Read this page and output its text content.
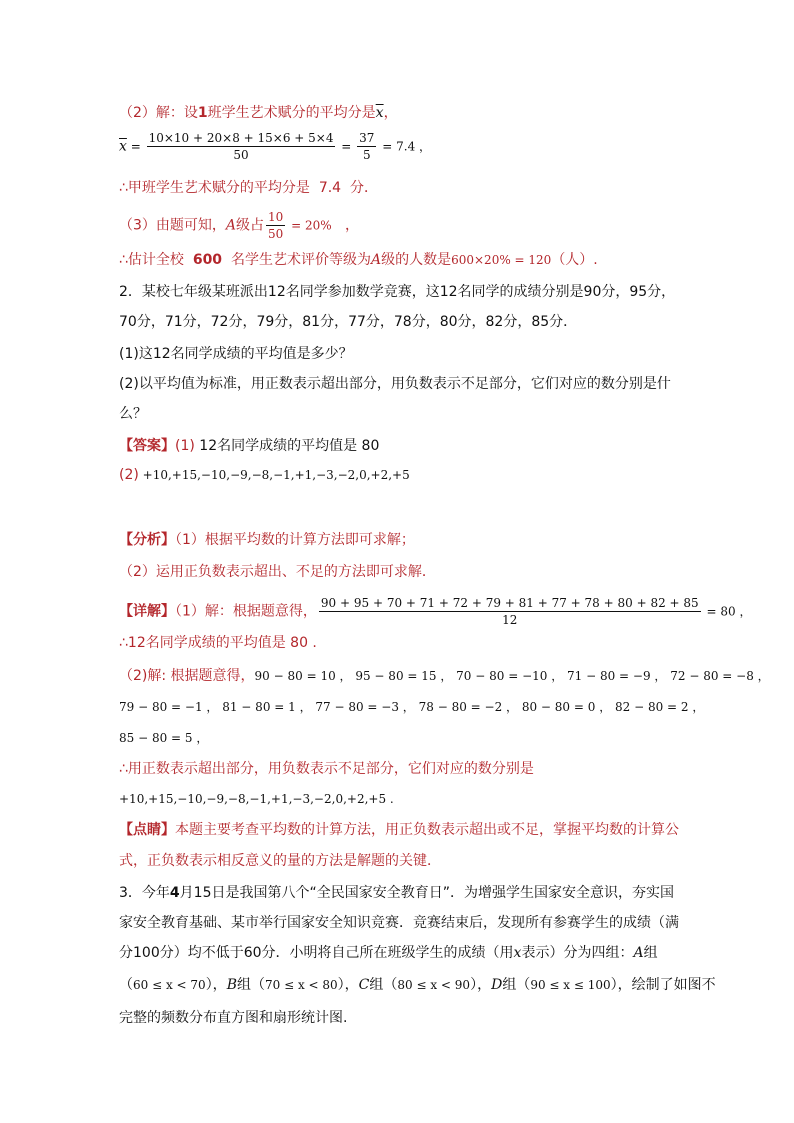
（2）解：设1班学生艺术赋分的平均分是$\overline{x}$，
$\overline{x} = \frac{10\times 10 + 20\times 8 + 15\times 6 + 5\times 4}{50} = \frac{37}{5} = 7.4$ ，
∴甲班学生艺术赋分的平均分是 7.4 分．
（3）由题可知，A级占 $\frac{10}{50} = 20\%$ ，
∴估计全校 600 名学生艺术评价等级为A级的人数是600×20% = 120（人）.
2．某校七年级某班派出12名同学参加数学竞赛，这12名同学的成绩分别是90分，95分，
70分，71分，72分，79分，81分，77分，78分，80分，82分，85分．
(1)这12名同学成绩的平均值是多少？
(2)以平均值为标准，用正数表示超出部分，用负数表示不足部分，它们对应的数分别是什
么？
【答案】(1) 12名同学成绩的平均值是 80
(2) +10,+15,−10,−9,−8,−1,+1,−3,−2,0,+2,+5
【分析】（1）根据平均数的计算方法即可求解；
（2）运用正负数表示超出、不足的方法即可求解．
【详解】（1）解：根据题意得， $\frac{90 + 95 + 70 + 71 + 72 + 79 + 81 + 77 + 78 + 80 + 82 + 85}{12} = 80$ ，
∴12名同学成绩的平均值是 80 .
（2)解: 根据题意得，90 − 80 = 10 ， 95 − 80 = 15 ， 70 − 80 = −10 ， 71 − 80 = −9 ， 72 − 80 = −8 ，
79 − 80 = −1 ， 81 − 80 = 1 ， 77 − 80 = −3 ， 78 − 80 = −2 ， 80 − 80 = 0 ， 82 − 80 = 2 ，
85 − 80 = 5 ，
∴用正数表示超出部分，用负数表示不足部分，它们对应的数分别是
+10,+15,−10,−9,−8,−1,+1,−3,−2,0,+2,+5 .
【点睛】本题主要考查平均数的计算方法，用正负数表示超出或不足，掌握平均数的计算公
式，正负数表示相反意义的量的方法是解题的关键．
3．今年4月15日是我国第八个“全民国家安全教育日”．为增强学生国家安全意识，夯实国
家安全教育基础、某市举行国家安全知识竞赛．竞赛结束后，发现所有参赛学生的成绩（满
分100分）均不低于60分．小明将自己所在班级学生的成绩（用x表示）分为四组：A组
（60 ≤ x < 70），B组（70 ≤ x < 80），C组（80 ≤ x < 90），D组（90 ≤ x ≤ 100），绘制了如图不
完整的频数分布直方图和扇形统计图.
